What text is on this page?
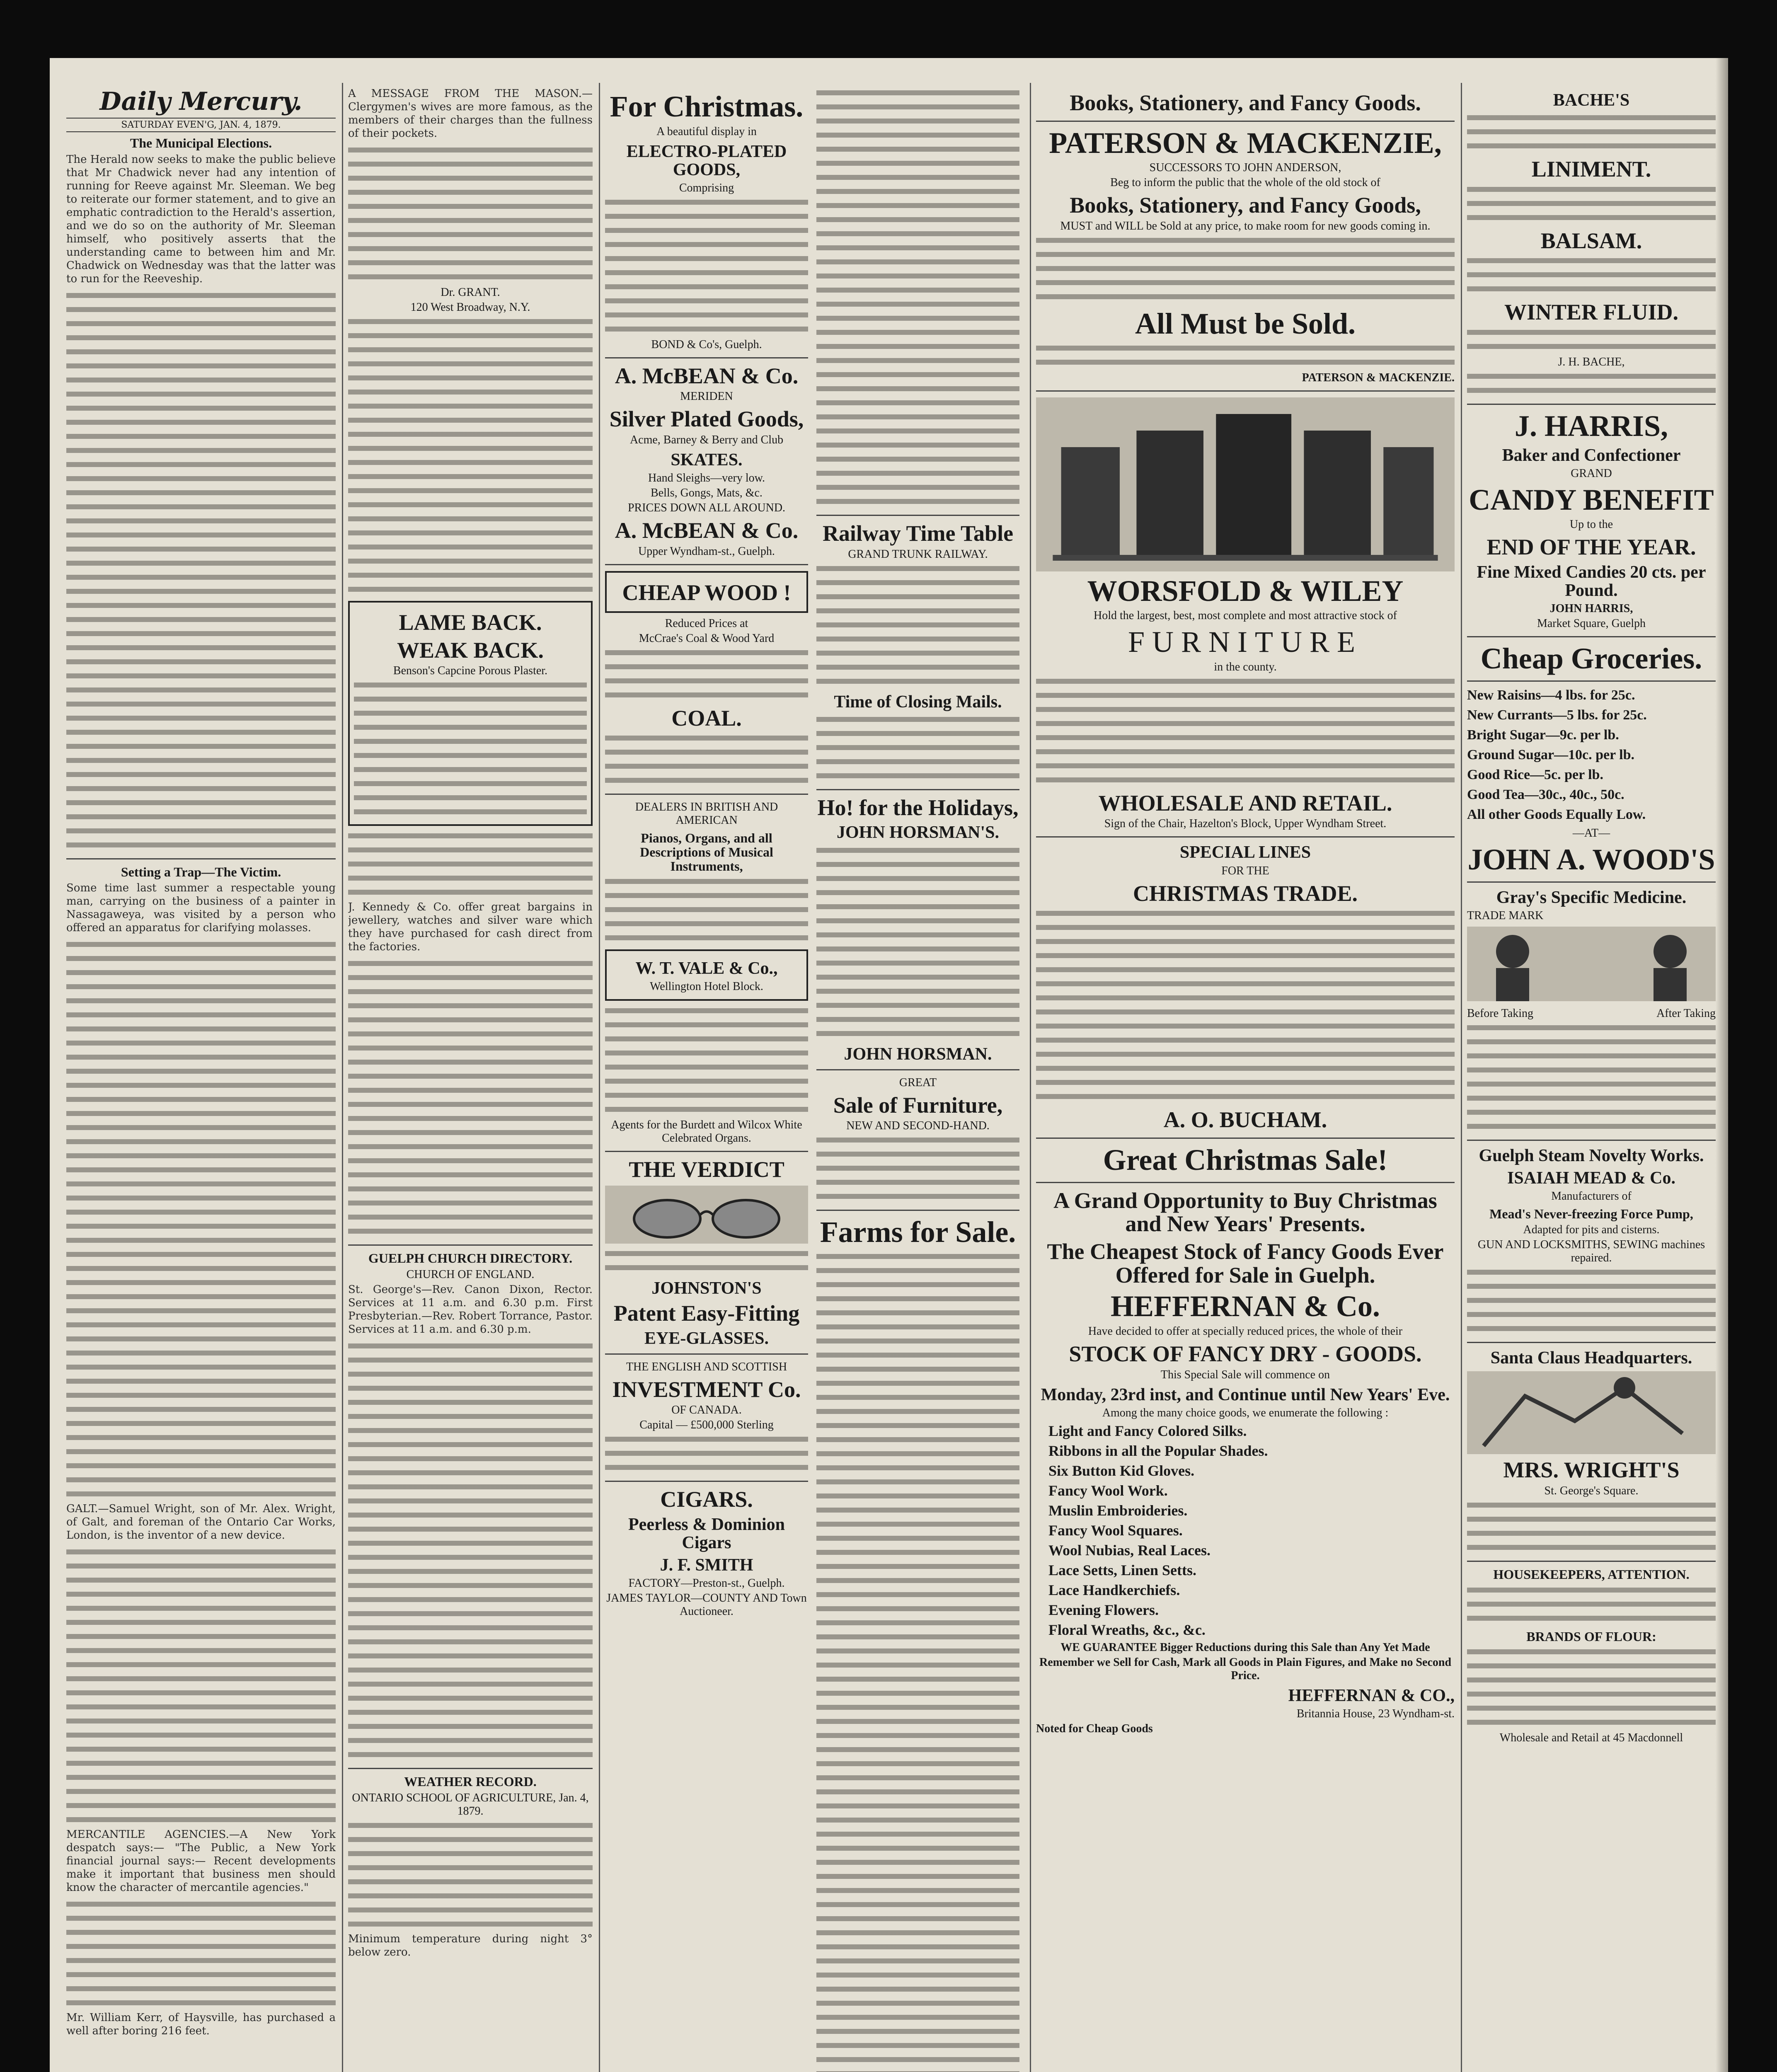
Daily Mercury.
SATURDAY EVEN'G, JAN. 4, 1879.
The Municipal Elections.

The Herald now seeks to make the public believe that Mr Chadwick never had any intention of running for Reeve against Mr. Sleeman. We beg to reiterate our former statement, and to give an emphatic contradiction to the Herald's assertion, and we do so on the authority of Mr. Sleeman himself, who positively asserts that the understanding came to between him and Mr. Chadwick on Wednesday was that the latter was to run for the Reeveship.

Setting a Trap—The Victim.

Some time last summer a respectable young man, carrying on the business of a painter in Nassagaweya, was visited by a person who offered an apparatus for clarifying molasses.

GALT.—Samuel Wright, son of Mr. Alex. Wright, of Galt, and foreman of the Ontario Car Works, London, is the inventor of a new device.

MERCANTILE AGENCIES.—A New York despatch says:— "The Public, a New York financial journal says:— Recent developments make it important that business men should know the character of mercantile agencies."

Mr. William Kerr, of Haysville, has purchased a well after boring 216 feet.

A MESSAGE FROM THE MASON.—Clergymen's wives are more famous, as the members of their charges than the fullness of their pockets.

Dr. GRANT.
120 West Broadway, N.Y.
LAME BACK.
WEAK BACK.
Benson's Capcine Porous Plaster.

J. Kennedy & Co. offer great bargains in jewellery, watches and silver ware which they have purchased for cash direct from the factories.

GUELPH CHURCH DIRECTORY.
CHURCH OF ENGLAND.

St. George's—Rev. Canon Dixon, Rector. Services at 11 a.m. and 6.30 p.m. First Presbyterian.—Rev. Robert Torrance, Pastor. Services at 11 a.m. and 6.30 p.m.

WEATHER RECORD.
ONTARIO SCHOOL OF AGRICULTURE, Jan. 4, 1879.

Minimum temperature during night 3° below zero.

For Christmas.
A beautiful display in
ELECTRO-PLATED GOODS,
Comprising
BOND & Co's, Guelph.
A. McBEAN & Co.
MERIDEN
Silver Plated Goods,
Acme, Barney & Berry and Club
SKATES.
Hand Sleighs—very low.
Bells, Gongs, Mats, &c.
PRICES DOWN ALL AROUND.
A. McBEAN & Co.
Upper Wyndham-st., Guelph.
CHEAP WOOD !
Reduced Prices at
McCrae's Coal & Wood Yard
COAL.
DEALERS IN BRITISH AND AMERICAN
Pianos, Organs, and all Descriptions of Musical Instruments,
W. T. VALE & Co.,
Wellington Hotel Block.
Agents for the Burdett and Wilcox White Celebrated Organs.
THE VERDICT
JOHNSTON'S
Patent Easy-Fitting
EYE-GLASSES.
THE ENGLISH AND SCOTTISH
INVESTMENT Co.
OF CANADA.
Capital — £500,000 Sterling
CIGARS.
Peerless & Dominion Cigars
J. F. SMITH
FACTORY—Preston-st., Guelph.
JAMES TAYLOR—COUNTY AND Town Auctioneer.
Railway Time Table
GRAND TRUNK RAILWAY.
Time of Closing Mails.
Ho! for the Holidays,
JOHN HORSMAN'S.
JOHN HORSMAN.
GREAT
Sale of Furniture,
NEW AND SECOND-HAND.
Farms for Sale.
Books, Stationery, and Fancy Goods.
PATERSON & MACKENZIE,
SUCCESSORS TO JOHN ANDERSON,
Beg to inform the public that the whole of the old stock of
Books, Stationery, and Fancy Goods,
MUST and WILL be Sold at any price, to make room for new goods coming in.
All Must be Sold.
PATERSON & MACKENZIE.
WORSFOLD & WILEY
Hold the largest, best, most complete and most attractive stock of
FURNITURE
in the county.
WHOLESALE AND RETAIL.
Sign of the Chair, Hazelton's Block, Upper Wyndham Street.
SPECIAL LINES
FOR THE
CHRISTMAS TRADE.
A. O. BUCHAM.
Great Christmas Sale!
A Grand Opportunity to Buy Christmas and New Years' Presents.
The Cheapest Stock of Fancy Goods Ever Offered for Sale in Guelph.
HEFFERNAN & Co.
Have decided to offer at specially reduced prices, the whole of their
STOCK OF FANCY DRY - GOODS.
This Special Sale will commence on
Monday, 23rd inst, and Continue until New Years' Eve.
Among the many choice goods, we enumerate the following :
Light and Fancy Colored Silks.
Ribbons in all the Popular Shades.
Six Button Kid Gloves.
Fancy Wool Work.
Muslin Embroideries.
Fancy Wool Squares.
Wool Nubias, Real Laces.
Lace Setts, Linen Setts.
Lace Handkerchiefs.
Evening Flowers.
Floral Wreaths, &c., &c.
WE GUARANTEE Bigger Reductions during this Sale than Any Yet Made
Remember we Sell for Cash, Mark all Goods in Plain Figures, and Make no Second Price.
HEFFERNAN & CO.,
Britannia House, 23 Wyndham-st.
Noted for Cheap Goods
BACHE'S
LINIMENT.
BALSAM.
WINTER FLUID.
J. H. BACHE,
J. HARRIS,
Baker and Confectioner
GRAND
CANDY BENEFIT
Up to the
END OF THE YEAR.
Fine Mixed Candies 20 cts. per Pound.
JOHN HARRIS,
Market Square, Guelph
Cheap Groceries.
New Raisins—4 lbs. for 25c.
New Currants—5 lbs. for 25c.
Bright Sugar—9c. per lb.
Ground Sugar—10c. per lb.
Good Rice—5c. per lb.
Good Tea—30c., 40c., 50c.
All other Goods Equally Low.
—AT—
JOHN A. WOOD'S
Gray's Specific Medicine.
TRADE MARK
Before Taking	After Taking
Guelph Steam Novelty Works.
ISAIAH MEAD & Co.
Manufacturers of
Mead's Never-freezing Force Pump,
Adapted for pits and cisterns.
GUN AND LOCKSMITHS, SEWING machines repaired.
Santa Claus Headquarters.
MRS. WRIGHT'S
St. George's Square.
HOUSEKEEPERS, ATTENTION.
BRANDS OF FLOUR:
Wholesale and Retail at 45 Macdonnell
